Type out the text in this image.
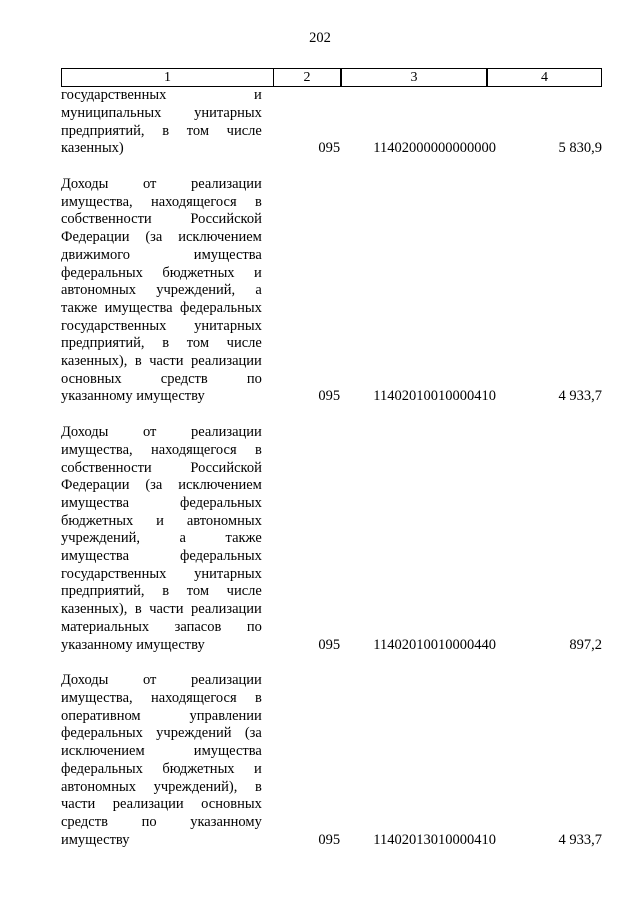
202
1	2	3	4
государственных и
муниципальных унитарных
предприятий, в том числе
казенных)	095	11402000000000000	5 830,9
Доходы от реализации
имущества, находящегося в
собственности Российской
Федерации (за исключением
движимого имущества
федеральных бюджетных и
автономных учреждений, а
также имущества федеральных
государственных унитарных
предприятий, в том числе
казенных), в части реализации
основных средств по
указанному имуществу	095	11402010010000410	4 933,7
Доходы от реализации
имущества, находящегося в
собственности Российской
Федерации (за исключением
имущества федеральных
бюджетных и автономных
учреждений, а также
имущества федеральных
государственных унитарных
предприятий, в том числе
казенных), в части реализации
материальных запасов по
указанному имуществу	095	11402010010000440	897,2
Доходы от реализации
имущества, находящегося в
оперативном управлении
федеральных учреждений (за
исключением имущества
федеральных бюджетных и
автономных учреждений), в
части реализации основных
средств по указанному
имуществу	095	11402013010000410	4 933,7
